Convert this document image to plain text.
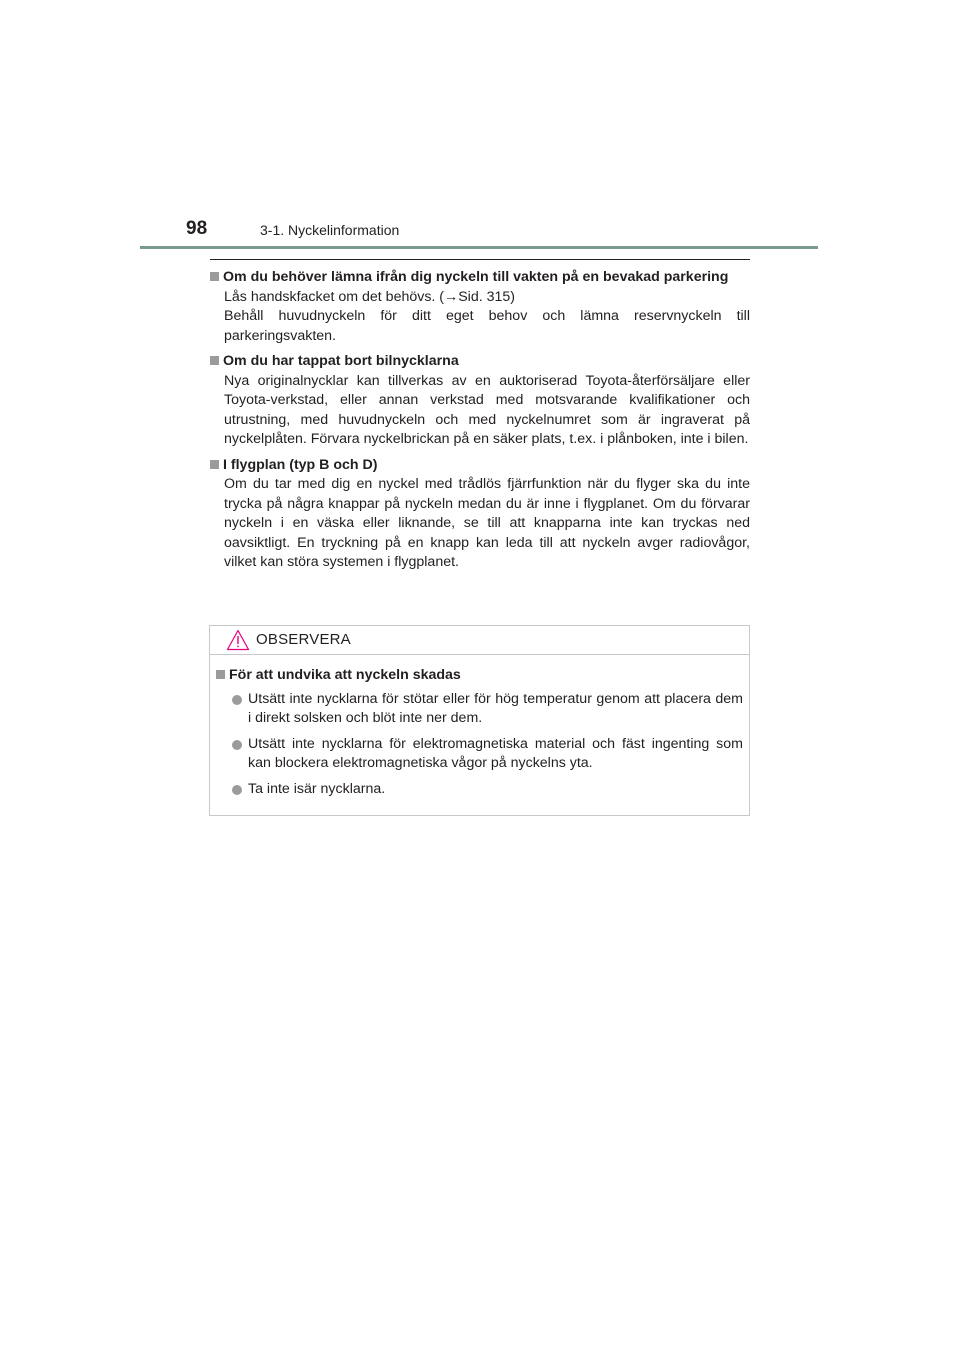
98	3-1. Nyckelinformation
Om du behöver lämna ifrån dig nyckeln till vakten på en bevakad parkering

Lås handskfacket om det behövs. (→Sid. 315)

Behåll huvudnyckeln för ditt eget behov och lämna reservnyckeln till parkeringsvakten.

Om du har tappat bort bilnycklarna

Nya originalnycklar kan tillverkas av en auktoriserad Toyota-återförsäljare eller Toyota-verkstad, eller annan verkstad med motsvarande kvalifikationer och utrustning, med huvudnyckeln och med nyckelnumret som är ingraverat på nyckelplåten. Förvara nyckelbrickan på en säker plats, t.ex. i plånboken, inte i bilen.

I flygplan (typ B och D)

Om du tar med dig en nyckel med trådlös fjärrfunktion när du flyger ska du inte trycka på några knappar på nyckeln medan du är inne i flygplanet. Om du förvarar nyckeln i en väska eller liknande, se till att knapparna inte kan tryckas ned oavsiktligt. En tryckning på en knapp kan leda till att nyckeln avger radiovågor, vilket kan störa systemen i flygplanet.

OBSERVERA
För att undvika att nyckeln skadas
Utsätt inte nycklarna för stötar eller för hög temperatur genom att placera dem i direkt solsken och blöt inte ner dem.
Utsätt inte nycklarna för elektromagnetiska material och fäst ingenting som kan blockera elektromagnetiska vågor på nyckelns yta.
Ta inte isär nycklarna.
